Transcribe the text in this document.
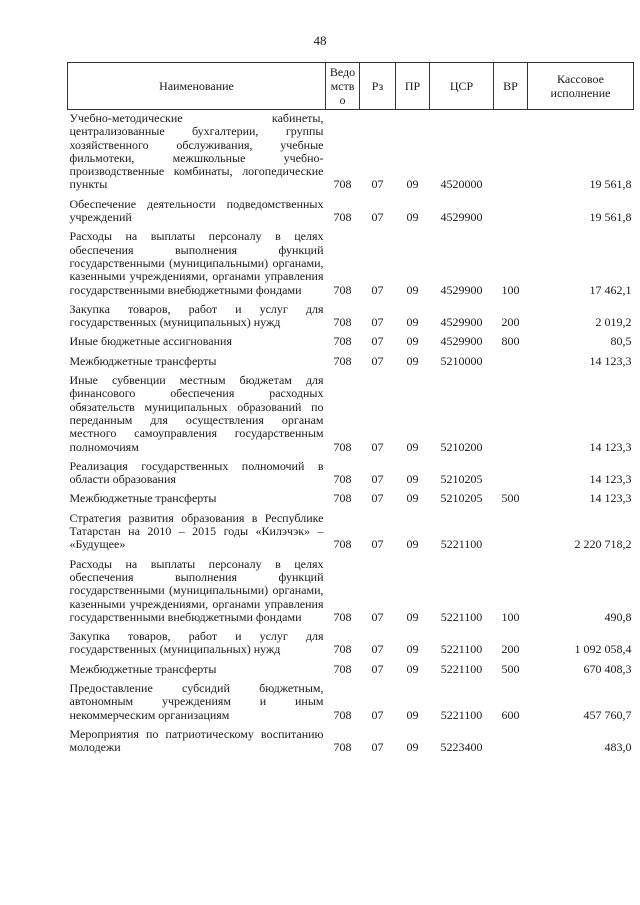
48
Наименование	Ведомство	Рз	ПР	ЦСР	ВР	Кассовое исполнение
Учебно-методические кабинеты, централизованные бухгалтерии, группы хозяйственного обслуживания, учебные фильмотеки, межшкольные учебно-производственные комбинаты, логопедические пункты	708	07	09	4520000		19 561,8
Обеспечение деятельности подведомственных учреждений	708	07	09	4529900		19 561,8
Расходы на выплаты персоналу в целях обеспечения выполнения функций государственными (муниципальными) органами, казенными учреждениями, органами управления государственными внебюджетными фондами	708	07	09	4529900	100	17 462,1
Закупка товаров, работ и услуг для государственных (муниципальных) нужд	708	07	09	4529900	200	2 019,2
Иные бюджетные ассигнования	708	07	09	4529900	800	80,5
Межбюджетные трансферты	708	07	09	5210000		14 123,3
Иные субвенции местным бюджетам для финансового обеспечения расходных обязательств муниципальных образований по переданным для осуществления органам местного самоуправления государственным полномочиям	708	07	09	5210200		14 123,3
Реализация государственных полномочий в области образования	708	07	09	5210205		14 123,3
Межбюджетные трансферты	708	07	09	5210205	500	14 123,3
Стратегия развития образования в Республике Татарстан на 2010 – 2015 годы «Килэчэк» – «Будущее»	708	07	09	5221100		2 220 718,2
Расходы на выплаты персоналу в целях обеспечения выполнения функций государственными (муниципальными) органами, казенными учреждениями, органами управления государственными внебюджетными фондами	708	07	09	5221100	100	490,8
Закупка товаров, работ и услуг для государственных (муниципальных) нужд	708	07	09	5221100	200	1 092 058,4
Межбюджетные трансферты	708	07	09	5221100	500	670 408,3
Предоставление субсидий бюджетным, автономным учреждениям и иным некоммерческим организациям	708	07	09	5221100	600	457 760,7
Мероприятия по патриотическому воспитанию молодежи	708	07	09	5223400		483,0
